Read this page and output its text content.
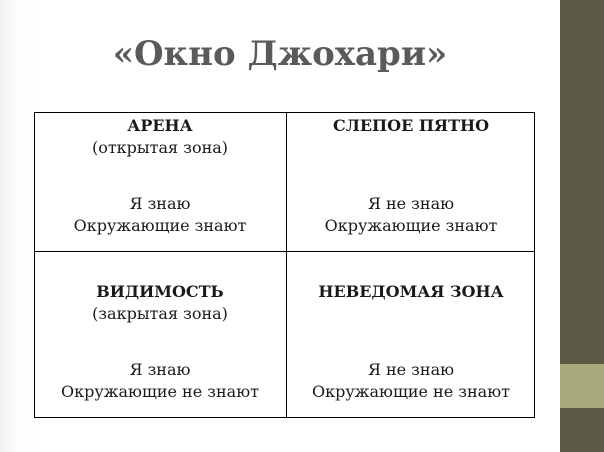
«Окно Джохари»
АРЕНА
(открытая зона)
Я знаю
Окружающие знают
СЛЕПОЕ ПЯТНО

Я не знаю
Окружающие знают
ВИДИМОСТЬ
(закрытая зона)
Я знаю
Окружающие не знают
НЕВЕДОМАЯ ЗОНА

Я не знаю
Окружающие не знают
